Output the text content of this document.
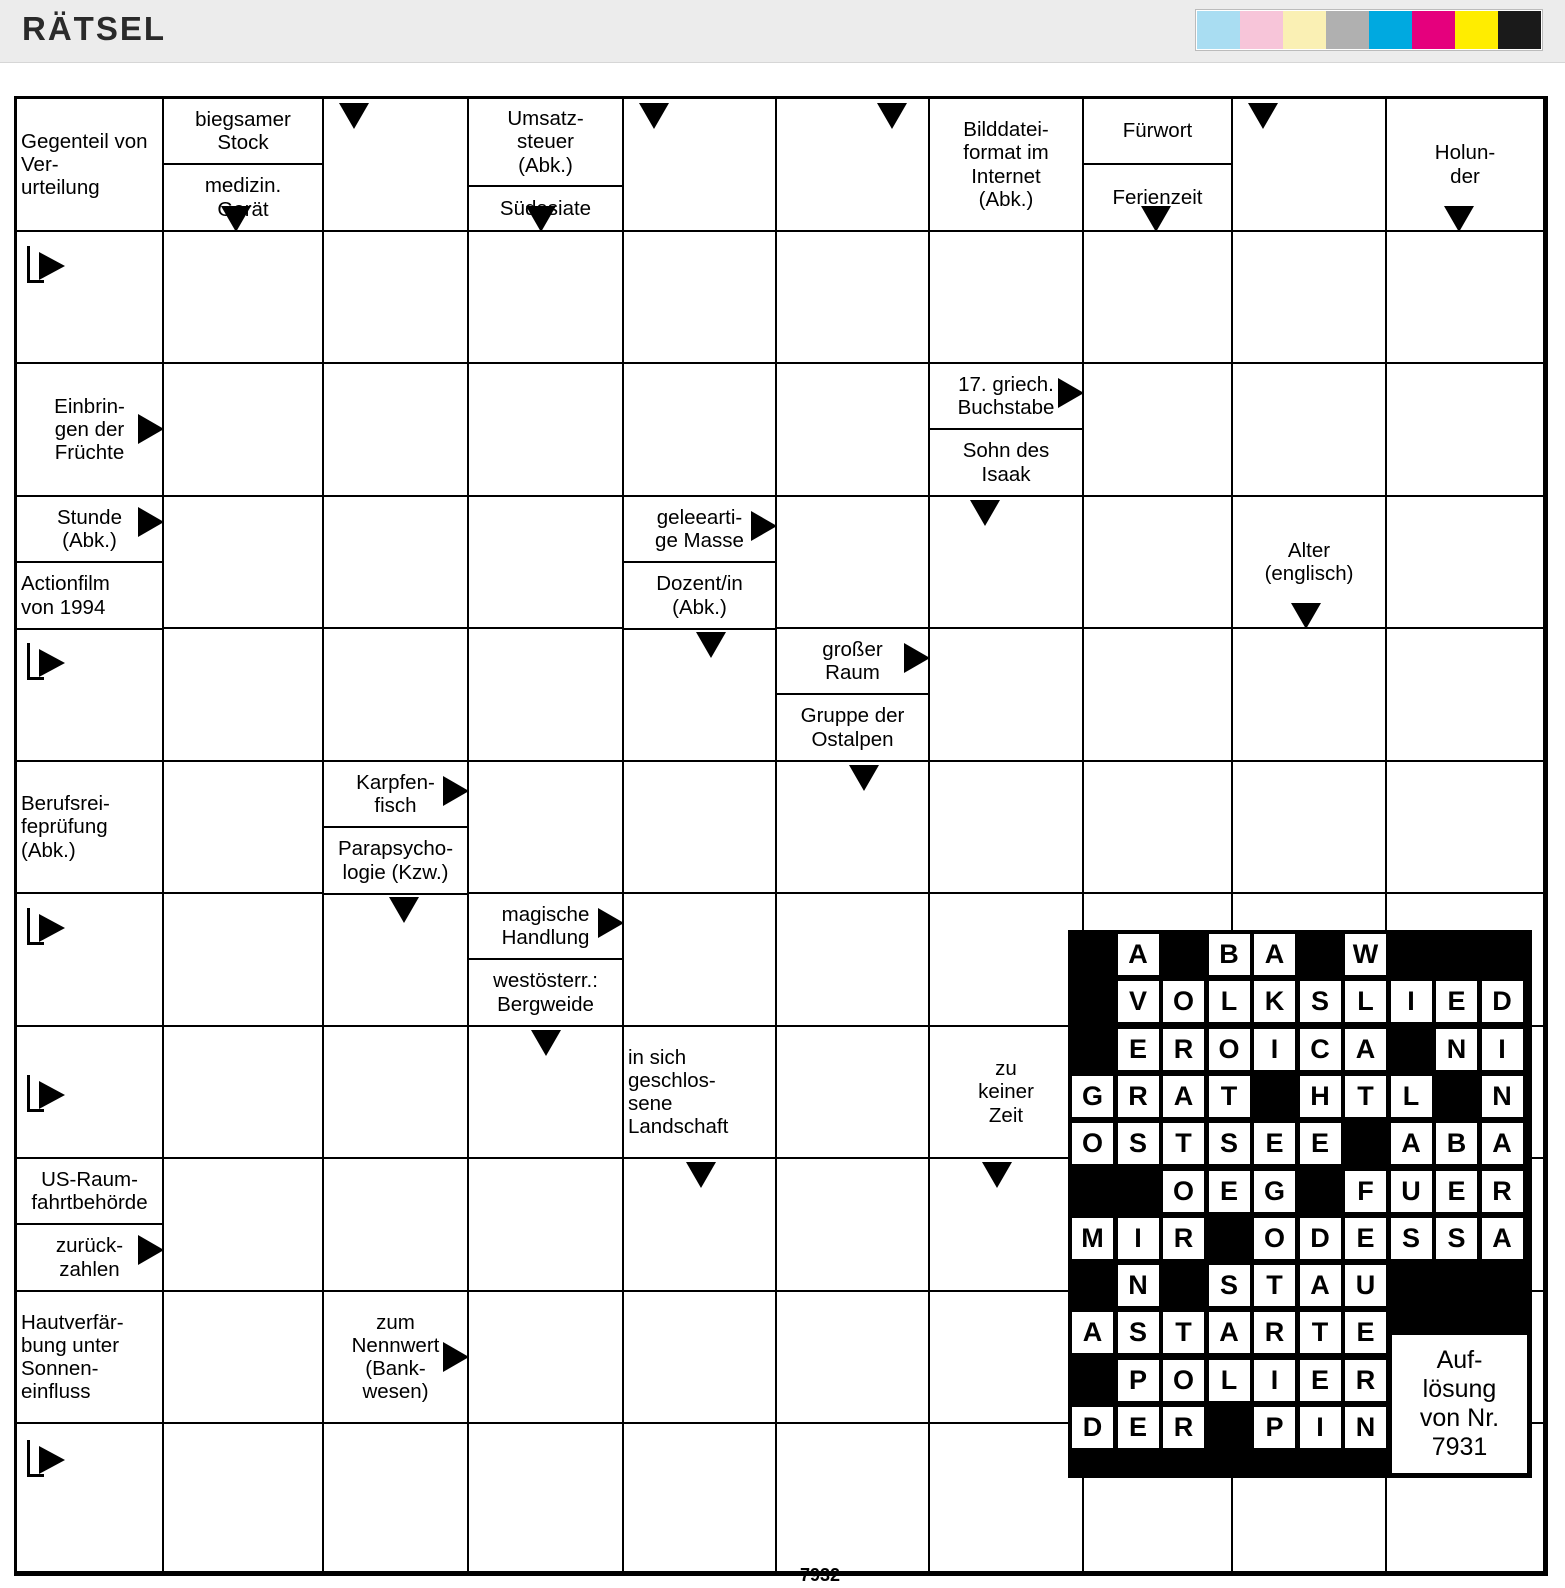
RÄTSEL
Gegenteil von Ver-
urteilung
biegsamer
Stock
medizin.
Gerät
Umsatz-
steuer
(Abk.)
Südasiate
Bilddatei-
format im
Internet
(Abk.)
Fürwort
Ferienzeit
Holun-
der
Einbrin-
gen der
Früchte
17. griech.
Buchstabe
Sohn des
Isaak
Stunde
(Abk.)
Actionfilm
von 1994
geleearti-
ge Masse
Dozent/in
(Abk.)
Alter
(englisch)
großer
Raum
Gruppe der
Ostalpen
Berufsrei-
feprüfung
(Abk.)
Karpfen-
fisch
Parapsycho-
logie (Kzw.)
magische
Handlung
westösterr.:
Bergweide
in sich
geschlos-
sene
Landschaft
zu
keiner
Zeit
US-Raum-
fahrtbehörde
zurück-
zahlen
Hautverfär-
bung unter
Sonnen-
einfluss
zum
Nennwert
(Bank-
wesen)
7932
A	B A	W
V O L	K S	L	I	E D
E R O	I	C A	N	I
G R A	T	H	T	L	N
O S	T	S	E	E	A B A
O E G	F	U E R
M	I	R	O D E	S	S A
N	S	T	A U
A S	T	A R	T	E
P O L	I	E R
D E R	P	I	N
Auf-
lösung
von Nr.
7931
